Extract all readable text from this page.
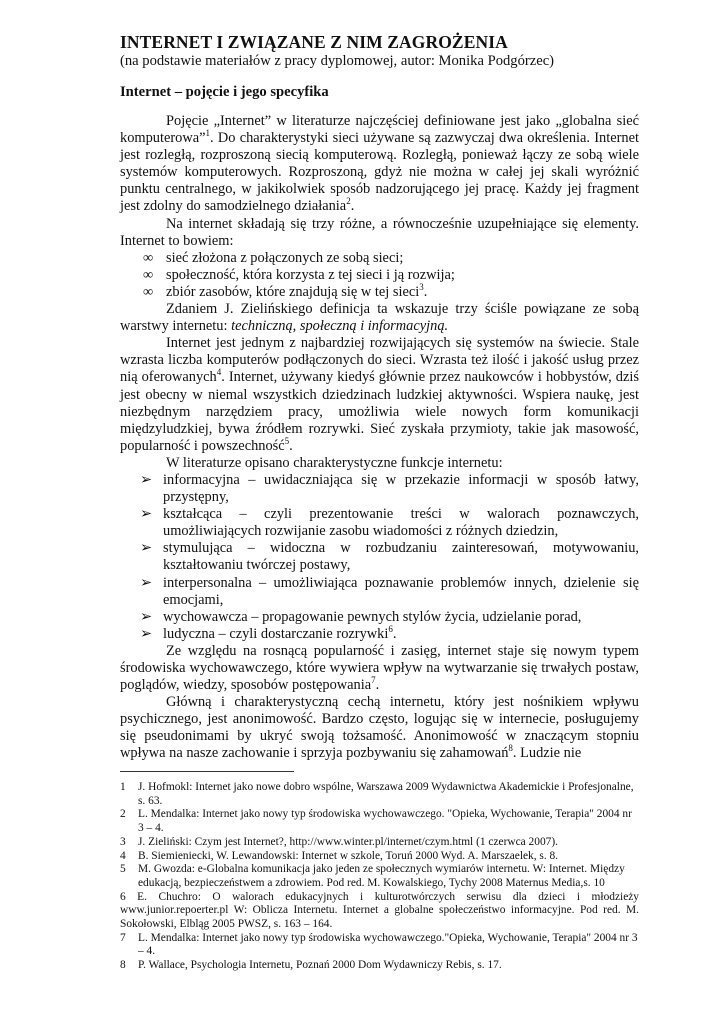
INTERNET I ZWIĄZANE Z NIM ZAGROŻENIA
(na podstawie materiałów z pracy dyplomowej, autor: Monika Podgórzec)
Internet – pojęcie i jego specyfika

Pojęcie „Internet” w literaturze najczęściej definiowane jest jako „globalna sieć komputerowa”$^1$. Do charakterystyki sieci używane są zazwyczaj dwa określenia. Internet jest rozległą, rozproszoną siecią komputerową. Rozległą, ponieważ łączy ze sobą wiele systemów komputerowych. Rozproszoną, gdyż nie można w całej jej skali wyróżnić punktu centralnego, w jakikolwiek sposób nadzorującego jej pracę. Każdy jej fragment jest zdolny do samodzielnego działania$^2$.

Na internet składają się trzy różne, a równocześnie uzupełniające się elementy. Internet to bowiem:

∞ sieć złożona z połączonych ze sobą sieci;
∞ społeczność, która korzysta z tej sieci i ją rozwija;
∞ zbiór zasobów, które znajdują się w tej sieci$^3$.

Zdaniem J. Zielińskiego definicja ta wskazuje trzy ściśle powiązane ze sobą warstwy internetu: techniczną, społeczną i informacyjną.

Internet jest jednym z najbardziej rozwijających się systemów na świecie. Stale wzrasta liczba komputerów podłączonych do sieci. Wzrasta też ilość i jakość usług przez nią oferowanych$^4$. Internet, używany kiedyś głównie przez naukowców i hobbystów, dziś jest obecny w niemal wszystkich dziedzinach ludzkiej aktywności. Wspiera naukę, jest niezbędnym narzędziem pracy, umożliwia wiele nowych form komunikacji międzyludzkiej, bywa źródłem rozrywki. Sieć zyskała przymioty, takie jak masowość, popularność i powszechność$^5$.

W literaturze opisano charakterystyczne funkcje internetu:

➢ informacyjna – uwidaczniająca się w przekazie informacji w sposób łatwy, przystępny,
➢ kształcąca – czyli prezentowanie treści w walorach poznawczych, umożliwiających rozwijanie zasobu wiadomości z różnych dziedzin,
➢ stymulująca – widoczna w rozbudzaniu zainteresowań, motywowaniu, kształtowaniu twórczej postawy,
➢ interpersonalna – umożliwiająca poznawanie problemów innych, dzielenie się emocjami,
➢ wychowawcza – propagowanie pewnych stylów życia, udzielanie porad,
➢ ludyczna – czyli dostarczanie rozrywki$^6$.

Ze względu na rosnącą popularność i zasięg, internet staje się nowym typem środowiska wychowawczego, które wywiera wpływ na wytwarzanie się trwałych postaw, poglądów, wiedzy, sposobów postępowania$^7$.

Główną i charakterystyczną cechą internetu, który jest nośnikiem wpływu psychicznego, jest anonimowość. Bardzo często, logując się w internecie, posługujemy się pseudonimami by ukryć swoją tożsamość. Anonimowość w znaczącym stopniu wpływa na nasze zachowanie i sprzyja pozbywaniu się zahamowań$^8$. Ludzie nie

1 J. Hofmokl: Internet jako nowe dobro wspólne, Warszawa 2009 Wydawnictwa Akademickie i Profesjonalne, s. 63.
2 L. Mendalka: Internet jako nowy typ środowiska wychowawczego. "Opieka, Wychowanie, Terapia" 2004 nr 3 – 4.
3 J. Zieliński: Czym jest Internet?, http://www.winter.pl/internet/czym.html (1 czerwca 2007).
4 B. Siemieniecki, W. Lewandowski: Internet w szkole, Toruń 2000 Wyd. A. Marszaelek, s. 8.
5 M. Gwozda: e-Globalna komunikacja jako jeden ze społecznych wymiarów internetu. W: Internet. Między edukacją, bezpieczeństwem a zdrowiem. Pod red. M. Kowalskiego, Tychy 2008 Maternus Media,s. 10
6 E. Chuchro: O walorach edukacyjnych i kulturotwórczych serwisu dla dzieci i młodzieży www.junior.repoerter.pl W: Oblicza Internetu. Internet a globalne społeczeństwo informacyjne. Pod red. M. Sokołowski, Elbląg 2005 PWSZ, s. 163 – 164.
7 L. Mendalka: Internet jako nowy typ środowiska wychowawczego."Opieka, Wychowanie, Terapia" 2004 nr 3 – 4.
8 P. Wallace, Psychologia Internetu, Poznań 2000 Dom Wydawniczy Rebis, s. 17.
